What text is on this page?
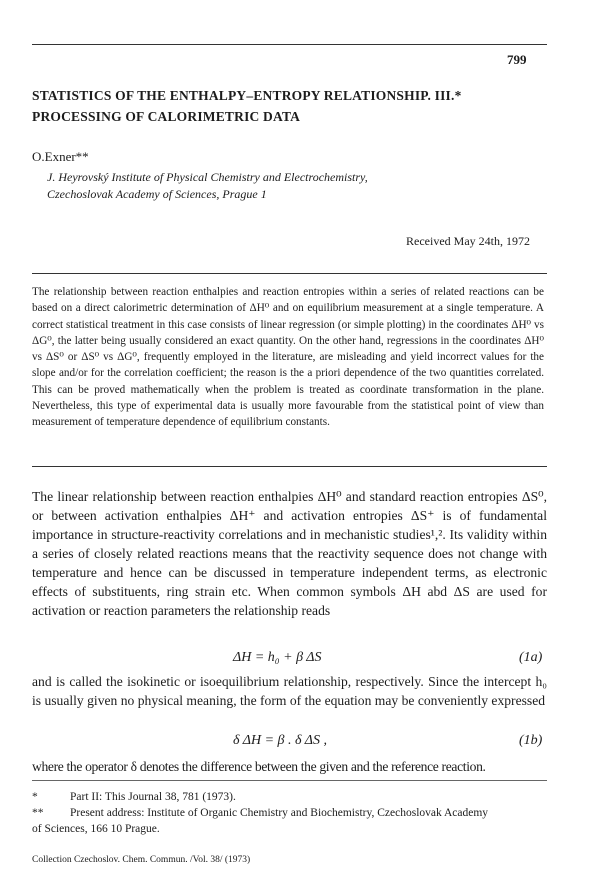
799
STATISTICS OF THE ENTHALPY–ENTROPY RELATIONSHIP. III.*
PROCESSING OF CALORIMETRIC DATA
O.Exner**
J. Heyrovský Institute of Physical Chemistry and Electrochemistry,
Czechoslovak Academy of Sciences, Prague 1
Received May 24th, 1972
The relationship between reaction enthalpies and reaction entropies within a series of related reactions can be based on a direct calorimetric determination of ΔH⁰ and on equilibrium measurement at a single temperature. A correct statistical treatment in this case consists of linear regression (or simple plotting) in the coordinates ΔH⁰ vs ΔG⁰, the latter being usually considered an exact quantity. On the other hand, regressions in the coordinates ΔH⁰ vs ΔS⁰ or ΔS⁰ vs ΔG⁰, frequently employed in the literature, are misleading and yield incorrect values for the slope and/or for the correlation coefficient; the reason is the a priori dependence of the two quantities correlated. This can be proved mathematically when the problem is treated as coordinate transformation in the plane. Nevertheless, this type of experimental data is usually more favourable from the statistical point of view than measurement of temperature dependence of equilibrium constants.
The linear relationship between reaction enthalpies ΔH⁰ and standard reaction entropies ΔS⁰, or between activation enthalpies ΔH⁺ and activation entropies ΔS⁺ is of fundamental importance in structure-reactivity correlations and in mechanistic studies¹,². Its validity within a series of closely related reactions means that the reactivity sequence does not change with temperature and hence can be discussed in temperature independent terms, as electronic effects of substituents, ring strain etc. When common symbols ΔH abd ΔS are used for activation or reaction parameters the relationship reads
ΔH = h₀ + β ΔS	(1a)
and is called the isokinetic or isoequilibrium relationship, respectively. Since the intercept h₀ is usually given no physical meaning, the form of the equation may be conveniently expressed
δ ΔH = β . δ ΔS ,	(1b)
where the operator δ denotes the difference between the given and the reference reaction.
*	Part II: This Journal 38, 781 (1973).
** Present address: Institute of Organic Chemistry and Biochemistry, Czechoslovak Academy
of Sciences, 166 10 Prague.
Collection Czechoslov. Chem. Commun. /Vol. 38/ (1973)
